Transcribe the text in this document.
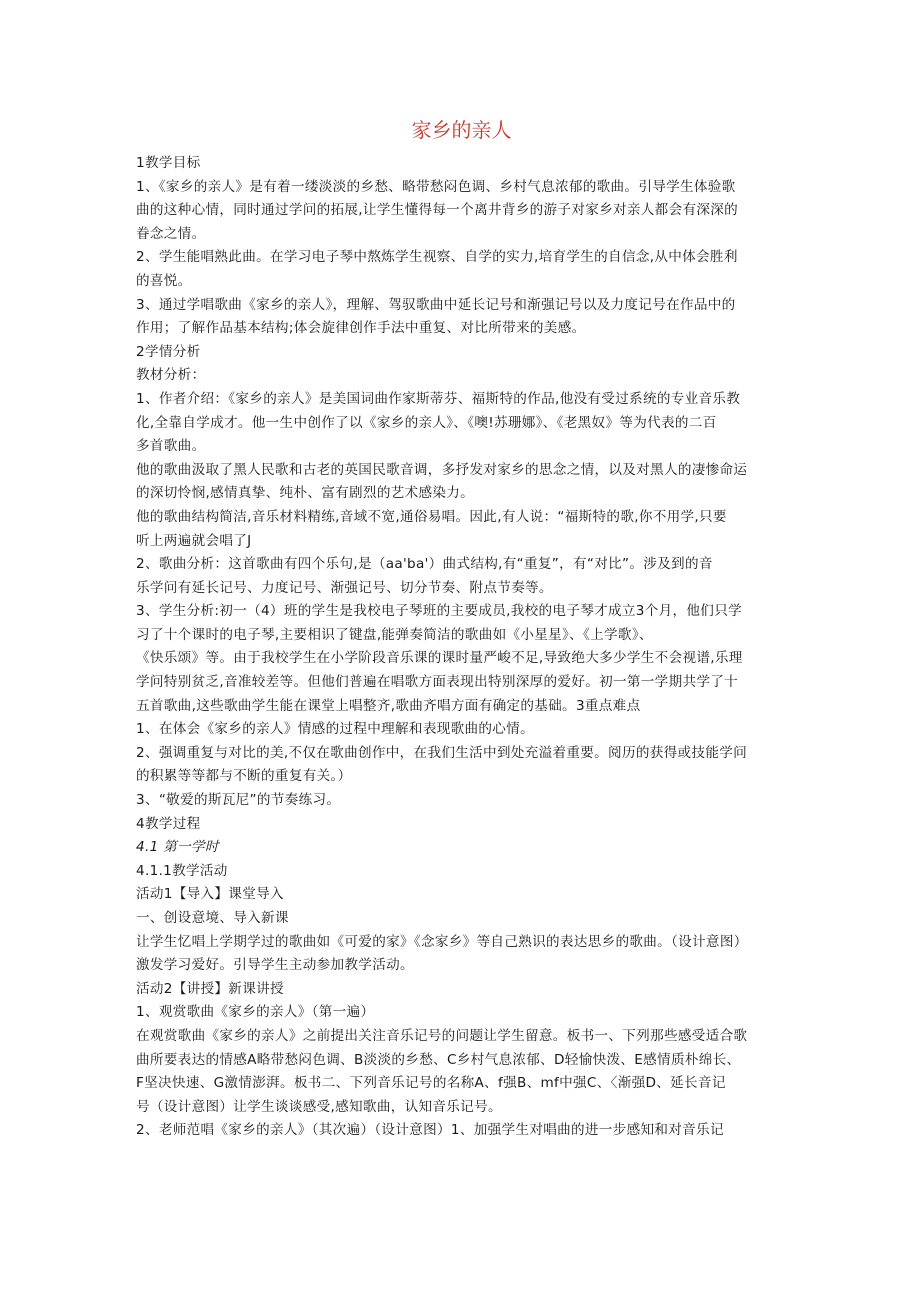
家乡的亲人

1教学目标

1、《家乡的亲人》是有着一缕淡淡的乡愁、略带愁闷色调、乡村气息浓郁的歌曲。引导学生体验歌

曲的这种心情，同时通过学问的拓展,让学生懂得每一个离井背乡的游子对家乡对亲人都会有深深的

眷念之情。

2、学生能唱熟此曲。在学习电子琴中熬炼学生视察、自学的实力,培育学生的自信念,从中体会胜利

的喜悦。

3、通过学唱歌曲《家乡的亲人》，理解、驾驭歌曲中延长记号和渐强记号以及力度记号在作品中的

作用；了解作品基本结构;体会旋律创作手法中重复、对比所带来的美感。

2学情分析

教材分析：

1、作者介绍：《家乡的亲人》是美国词曲作家斯蒂芬、福斯特的作品,他没有受过系统的专业音乐教

化,全靠自学成才。他一生中创作了以《家乡的亲人》、《噢!苏珊娜》、《老黑奴》等为代表的二百

多首歌曲。

他的歌曲汲取了黑人民歌和古老的英国民歌音调，多抒发对家乡的思念之情，以及对黑人的凄惨命运

的深切怜悯,感情真挚、纯朴、富有剧烈的艺术感染力。

他的歌曲结构简洁,音乐材料精练,音域不宽,通俗易唱。因此,有人说：“福斯特的歌,你不用学,只要

听上两遍就会唱了J

2、歌曲分析：这首歌曲有四个乐句,是（aa'ba'）曲式结构,有“重复”，有“对比”。涉及到的音

乐学问有延长记号、力度记号、渐强记号、切分节奏、附点节奏等。

3、学生分析:初一（4）班的学生是我校电子琴班的主要成员,我校的电子琴才成立3个月，他们只学

习了十个课时的电子琴,主要相识了键盘,能弹奏简洁的歌曲如《小星星》、《上学歌》、

《快乐颂》等。由于我校学生在小学阶段音乐课的课时量严峻不足,导致绝大多少学生不会视谱,乐理

学问特别贫乏,音准较差等。但他们普遍在唱歌方面表现出特别深厚的爱好。初一第一学期共学了十

五首歌曲,这些歌曲学生能在课堂上唱整齐,歌曲齐唱方面有确定的基础。3重点难点

1、在体会《家乡的亲人》情感的过程中理解和表现歌曲的心情。

2、强调重复与对比的美,不仅在歌曲创作中，在我们生活中到处充溢着重要。阅历的获得或技能学问

的积累等等都与不断的重复有关。）

3、“敬爱的斯瓦尼”的节奏练习。

4教学过程

4.1 第一学时

4.1.1教学活动

活动1【导入】课堂导入

一、创设意境、导入新课

让学生忆唱上学期学过的歌曲如《可爱的家》《念家乡》等自己熟识的表达思乡的歌曲。（设计意图）

激发学习爱好。引导学生主动参加教学活动。

活动2【讲授】新课讲授

1、观赏歌曲《家乡的亲人》（第一遍）

在观赏歌曲《家乡的亲人》之前提出关注音乐记号的问题让学生留意。板书一、下列那些感受适合歌

曲所要表达的情感A略带愁闷色调、B淡淡的乡愁、C乡村气息浓郁、D轻愉快泼、E感情质朴绵长、

F坚决快速、G激情澎湃。板书二、下列音乐记号的名称A、f强B、mf中强C、〈渐强D、延长音记

号（设计意图）让学生谈谈感受,感知歌曲，认知音乐记号。

2、老师范唱《家乡的亲人》（其次遍）（设计意图）1、加强学生对唱曲的进一步感知和对音乐记
